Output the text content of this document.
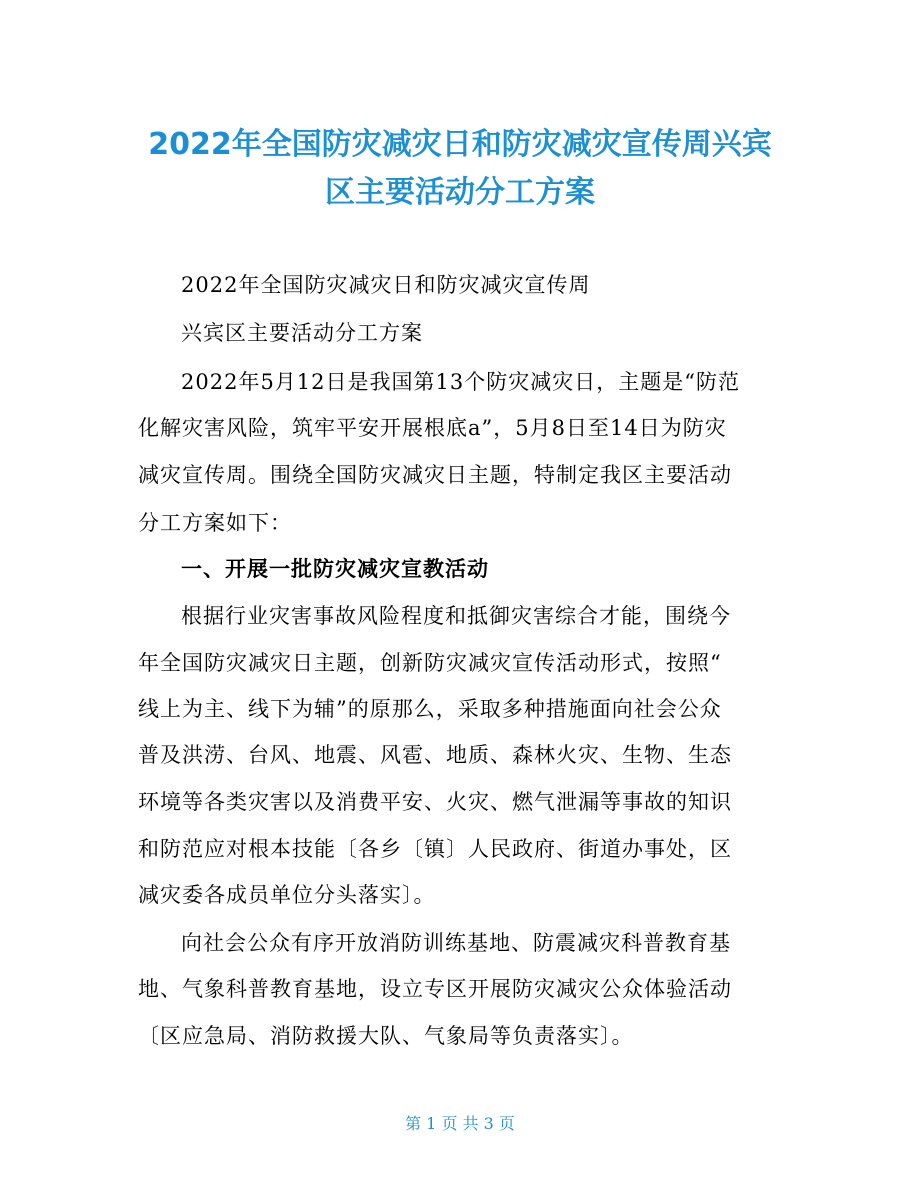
2022年全国防灾减灾日和防灾减灾宣传周兴宾
区主要活动分工方案

2022年全国防灾减灾日和防灾减灾宣传周

兴宾区主要活动分工方案

2022年5月12日是我国第13个防灾减灾日，主题是“防范

化解灾害风险，筑牢平安开展根底a”，5月8日至14日为防灾

减灾宣传周。围绕全国防灾减灾日主题，特制定我区主要活动

分工方案如下：

一、开展一批防灾减灾宣教活动

根据行业灾害事故风险程度和抵御灾害综合才能，围绕今

年全国防灾减灾日主题，创新防灾减灾宣传活动形式，按照“

线上为主、线下为辅”的原那么，采取多种措施面向社会公众

普及洪涝、台风、地震、风雹、地质、森林火灾、生物、生态

环境等各类灾害以及消费平安、火灾、燃气泄漏等事故的知识

和防范应对根本技能〔各乡〔镇〕人民政府、街道办事处，区

减灾委各成员单位分头落实〕。

向社会公众有序开放消防训练基地、防震减灾科普教育基

地、气象科普教育基地，设立专区开展防灾减灾公众体验活动

〔区应急局、消防救援大队、气象局等负责落实〕。

第 1 页 共 3 页
